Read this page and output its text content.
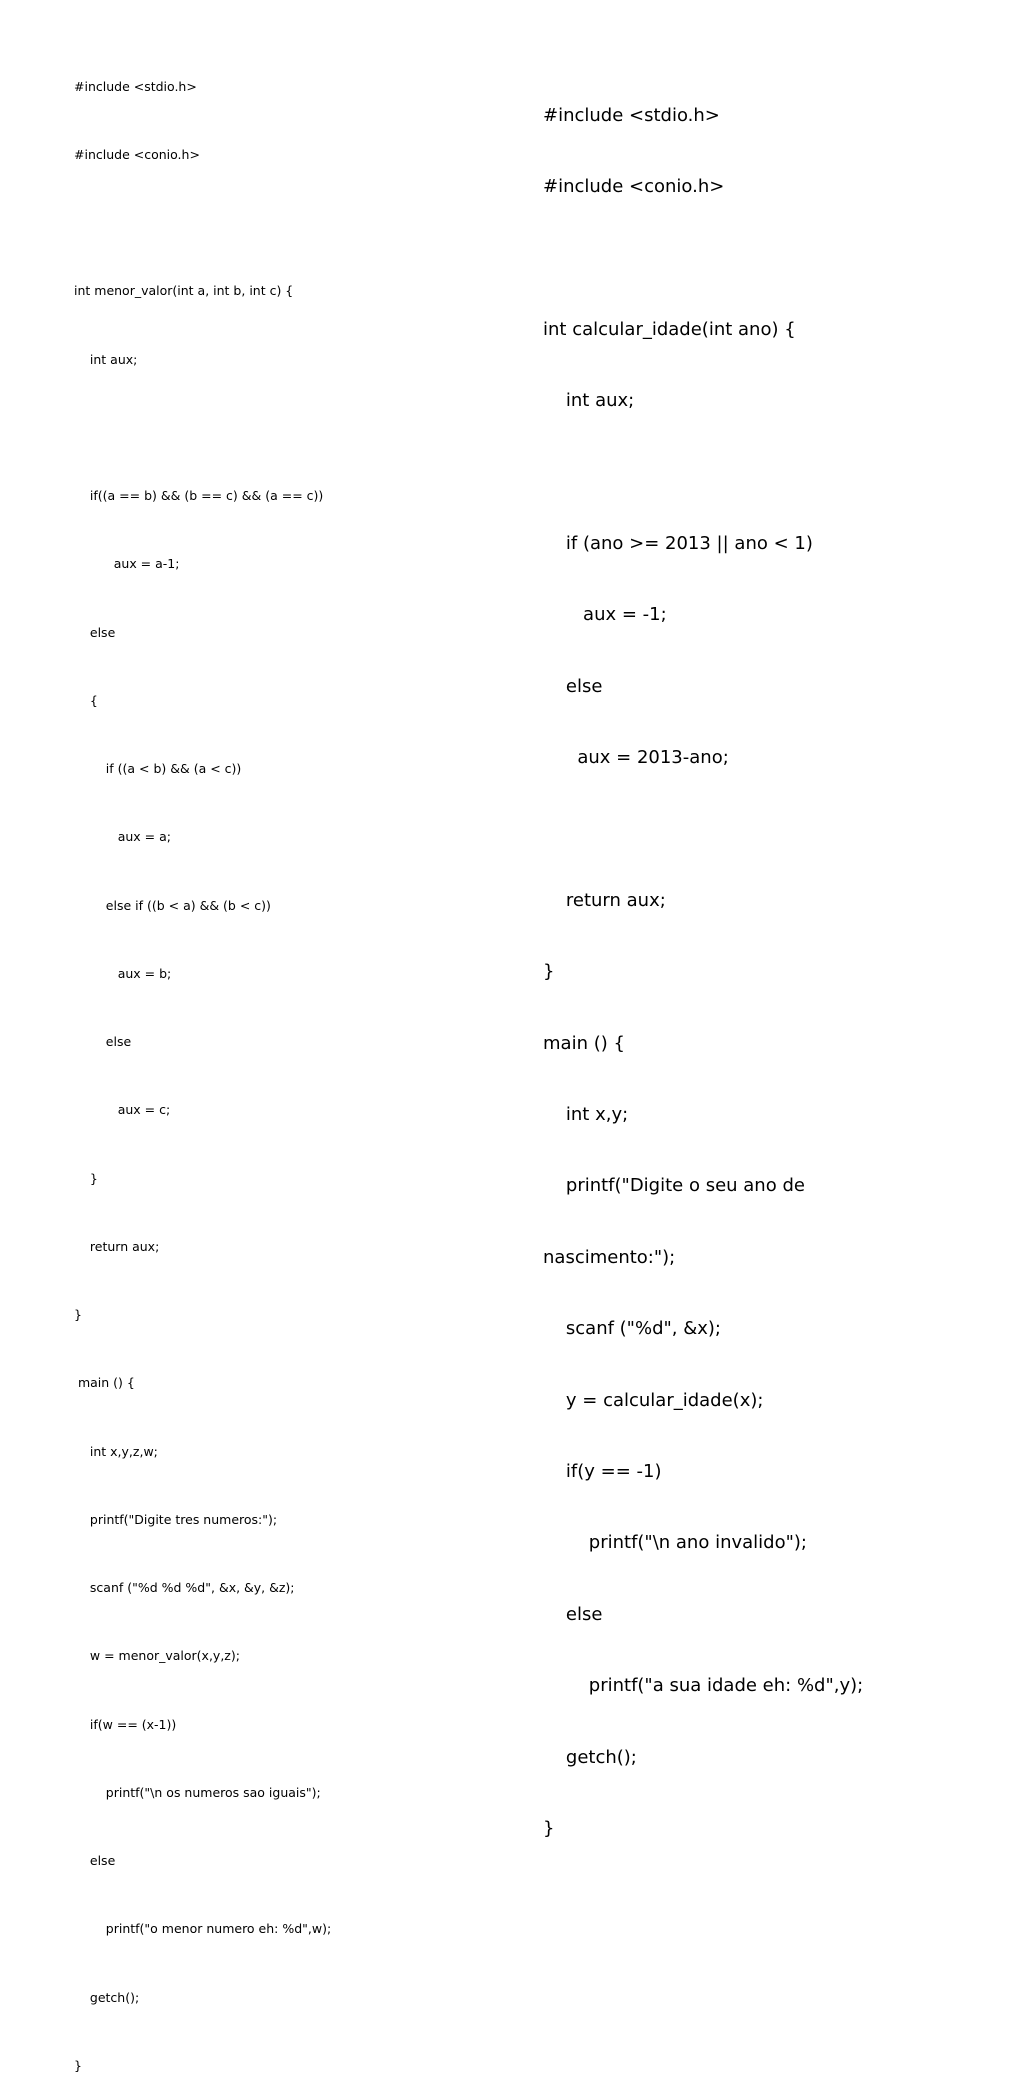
#include <stdio.h>

#include <conio.h>

int menor_valor(int a, int b, int c) {

int aux;

if((a == b) && (b == c) && (a == c))

aux = a-1;

else

{

if ((a < b) && (a < c))

aux = a;

else if ((b < a) && (b < c))

aux = b;

else

aux = c;

}

return aux;

}

main () {

int x,y,z,w;

printf("Digite tres numeros:");

scanf ("%d %d %d", &x, &y, &z);

w = menor_valor(x,y,z);

if(w == (x-1))

printf("\n os numeros sao iguais");

else

printf("o menor numero eh: %d",w);

getch();

}

#include <stdio.h>

#include <conio.h>

int calcular_idade(int ano) {

int aux;

if (ano >= 2013 || ano < 1)

aux = -1;

else

aux = 2013-ano;

return aux;

}

main () {

int x,y;

printf("Digite o seu ano de

nascimento:");

scanf ("%d", &x);

y = calcular_idade(x);

if(y == -1)

printf("\n ano invalido");

else

printf("a sua idade eh: %d",y);

getch();

}
